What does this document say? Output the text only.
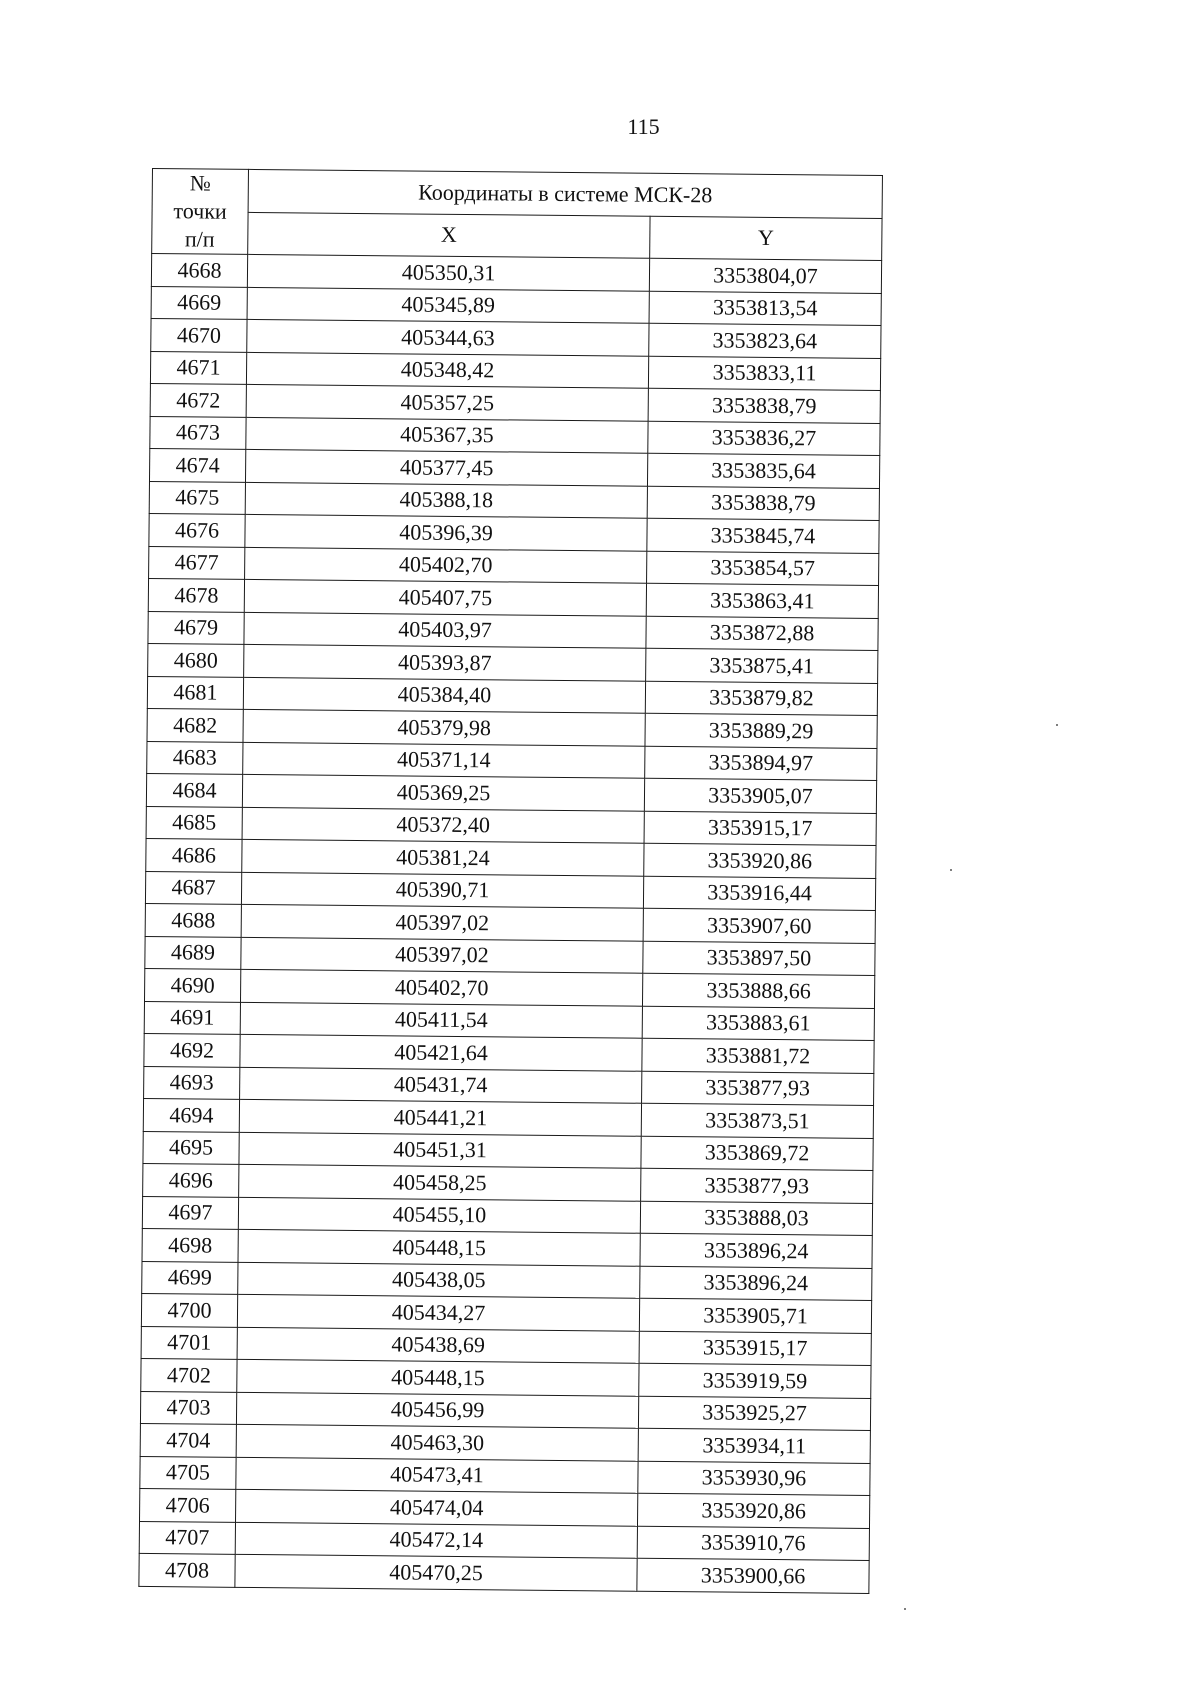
115
№
точки
п/п	Координаты в системе МСК-28	
	X	Y
4668	405350,31	3353804,07
4669	405345,89	3353813,54
4670	405344,63	3353823,64
4671	405348,42	3353833,11
4672	405357,25	3353838,79
4673	405367,35	3353836,27
4674	405377,45	3353835,64
4675	405388,18	3353838,79
4676	405396,39	3353845,74
4677	405402,70	3353854,57
4678	405407,75	3353863,41
4679	405403,97	3353872,88
4680	405393,87	3353875,41
4681	405384,40	3353879,82
4682	405379,98	3353889,29
4683	405371,14	3353894,97
4684	405369,25	3353905,07
4685	405372,40	3353915,17
4686	405381,24	3353920,86
4687	405390,71	3353916,44
4688	405397,02	3353907,60
4689	405397,02	3353897,50
4690	405402,70	3353888,66
4691	405411,54	3353883,61
4692	405421,64	3353881,72
4693	405431,74	3353877,93
4694	405441,21	3353873,51
4695	405451,31	3353869,72
4696	405458,25	3353877,93
4697	405455,10	3353888,03
4698	405448,15	3353896,24
4699	405438,05	3353896,24
4700	405434,27	3353905,71
4701	405438,69	3353915,17
4702	405448,15	3353919,59
4703	405456,99	3353925,27
4704	405463,30	3353934,11
4705	405473,41	3353930,96
4706	405474,04	3353920,86
4707	405472,14	3353910,76
4708	405470,25	3353900,66
